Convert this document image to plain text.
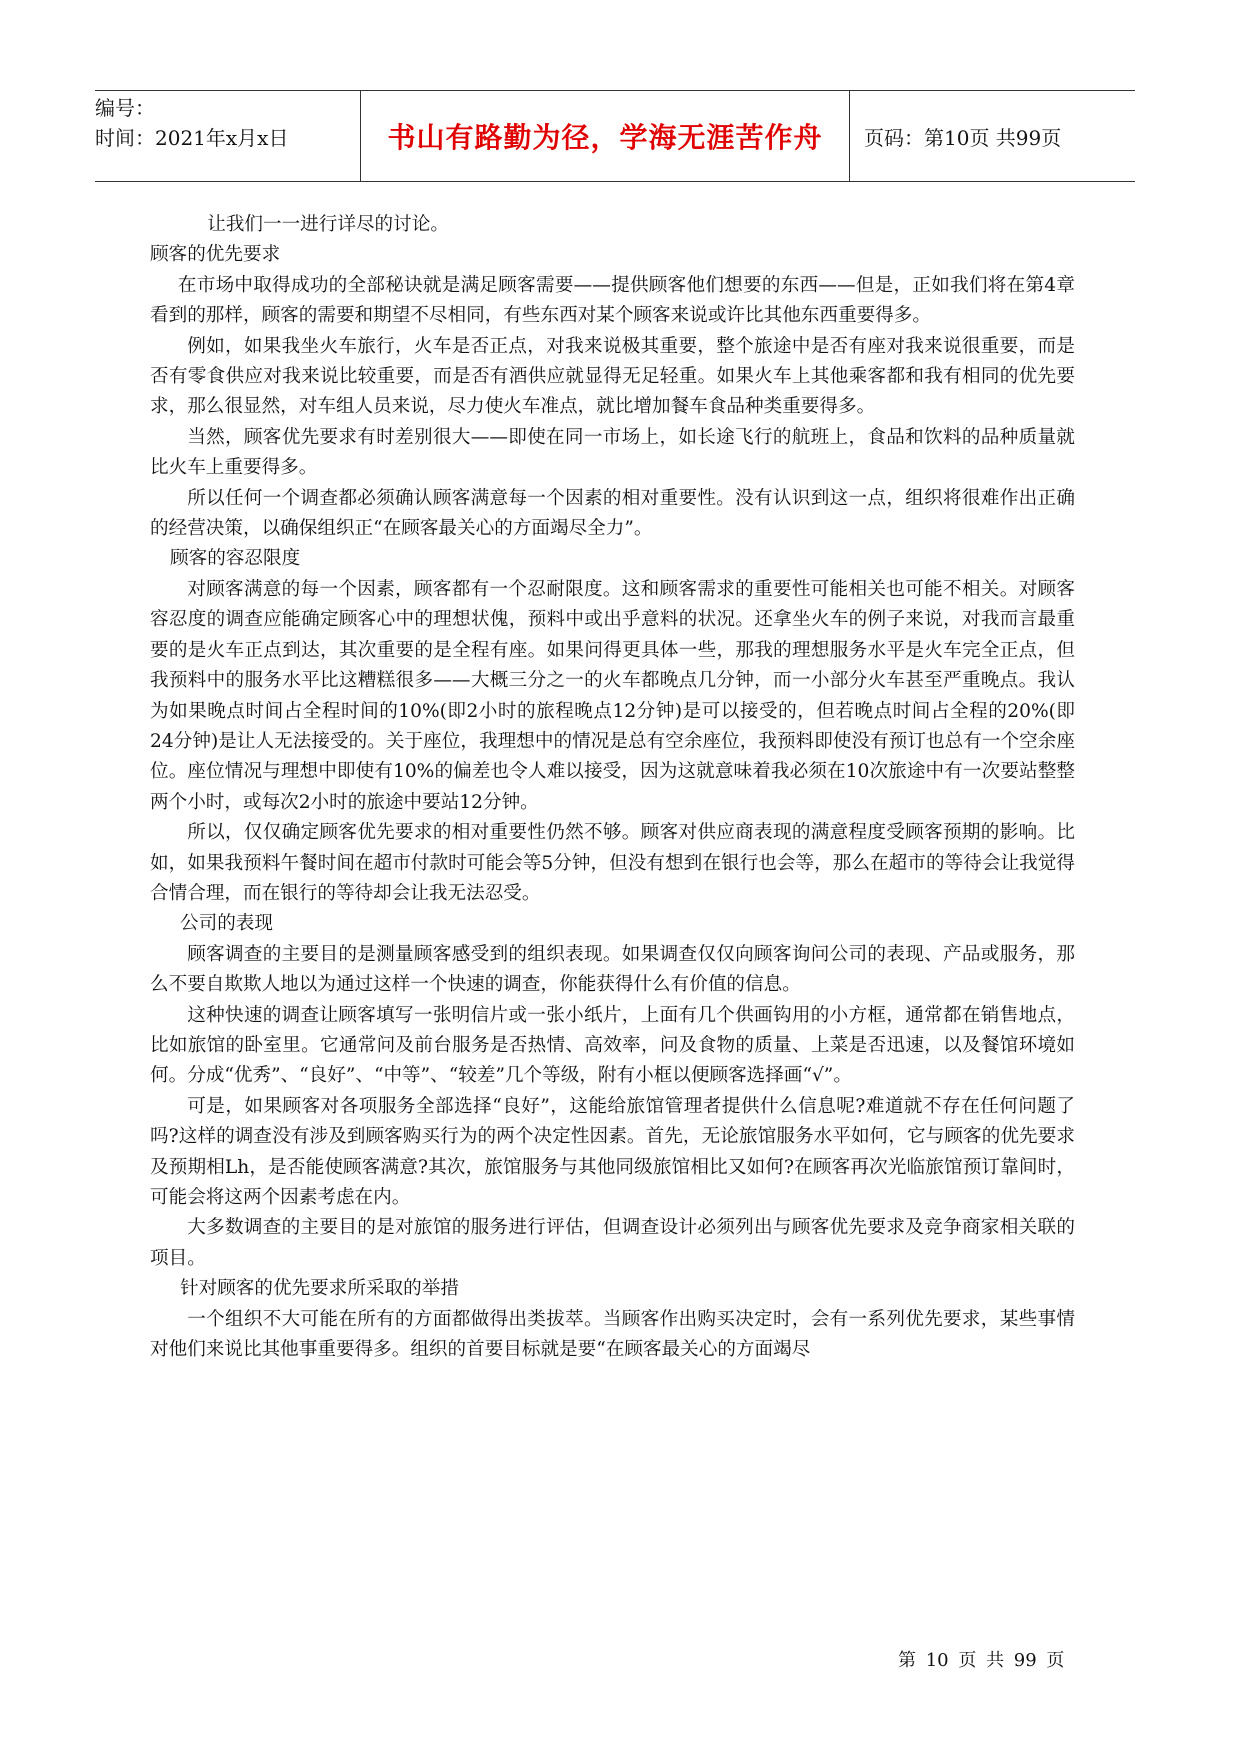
编号：
时间：2021年x月x日	书山有路勤为径，学海无涯苦作舟	页码：第10页 共99页

让我们一一进行详尽的讨论。

顾客的优先要求

在市场中取得成功的全部秘诀就是满足顾客需要——提供顾客他们想要的东西——但是，正如我们将在第4章看到的那样，顾客的需要和期望不尽相同，有些东西对某个顾客来说或许比其他东西重要得多。

例如，如果我坐火车旅行，火车是否正点，对我来说极其重要，整个旅途中是否有座对我来说很重要，而是否有零食供应对我来说比较重要，而是否有酒供应就显得无足轻重。如果火车上其他乘客都和我有相同的优先要求，那么很显然，对车组人员来说，尽力使火车准点，就比增加餐车食品种类重要得多。

当然，顾客优先要求有时差别很大——即使在同一市场上，如长途飞行的航班上，食品和饮料的品种质量就比火车上重要得多。

所以任何一个调查都必须确认顾客满意每一个因素的相对重要性。没有认识到这一点，组织将很难作出正确的经营决策，以确保组织正“在顾客最关心的方面竭尽全力”。

顾客的容忍限度

对顾客满意的每一个因素，顾客都有一个忍耐限度。这和顾客需求的重要性可能相关也可能不相关。对顾客容忍度的调查应能确定顾客心中的理想状傀，预料中或出乎意料的状况。还拿坐火车的例子来说，对我而言最重要的是火车正点到达，其次重要的是全程有座。如果问得更具体一些，那我的理想服务水平是火车完全正点，但我预料中的服务水平比这糟糕很多——大概三分之一的火车都晚点几分钟，而一小部分火车甚至严重晚点。我认为如果晚点时间占全程时间的10%(即2小时的旅程晚点12分钟)是可以接受的，但若晚点时间占全程的20%(即24分钟)是让人无法接受的。关于座位，我理想中的情况是总有空余座位，我预料即使没有预订也总有一个空余座位。座位情况与理想中即使有10%的偏差也令人难以接受，因为这就意味着我必须在10次旅途中有一次要站整整两个小时，或每次2小时的旅途中要站12分钟。

所以，仅仅确定顾客优先要求的相对重要性仍然不够。顾客对供应商表现的满意程度受顾客预期的影响。比如，如果我预料午餐时间在超市付款时可能会等5分钟，但没有想到在银行也会等，那么在超市的等待会让我觉得合情合理，而在银行的等待却会让我无法忍受。

公司的表现

顾客调查的主要目的是测量顾客感受到的组织表现。如果调查仅仅向顾客询问公司的表现、产品或服务，那么不要自欺欺人地以为通过这样一个快速的调查，你能获得什么有价值的信息。

这种快速的调查让顾客填写一张明信片或一张小纸片，上面有几个供画钩用的小方框，通常都在销售地点，比如旅馆的卧室里。它通常问及前台服务是否热情、高效率，问及食物的质量、上菜是否迅速，以及餐馆环境如何。分成“优秀”、“良好”、“中等”、“较差”几个等级，附有小框以便顾客选择画“√”。

可是，如果顾客对各项服务全部选择“良好”，这能给旅馆管理者提供什么信息呢?难道就不存在任何问题了吗?这样的调查没有涉及到顾客购买行为的两个决定性因素。首先，无论旅馆服务水平如何，它与顾客的优先要求及预期相Lh，是否能使顾客满意?其次，旅馆服务与其他同级旅馆相比又如何?在顾客再次光临旅馆预订靠间时，可能会将这两个因素考虑在内。

大多数调查的主要目的是对旅馆的服务进行评估，但调查设计必须列出与顾客优先要求及竞争商家相关联的项目。

针对顾客的优先要求所采取的举措

一个组织不大可能在所有的方面都做得出类拔萃。当顾客作出购买决定时，会有一系列优先要求，某些事情对他们来说比其他事重要得多。组织的首要目标就是要“在顾客最关心的方面竭尽

第 10 页 共 99 页
